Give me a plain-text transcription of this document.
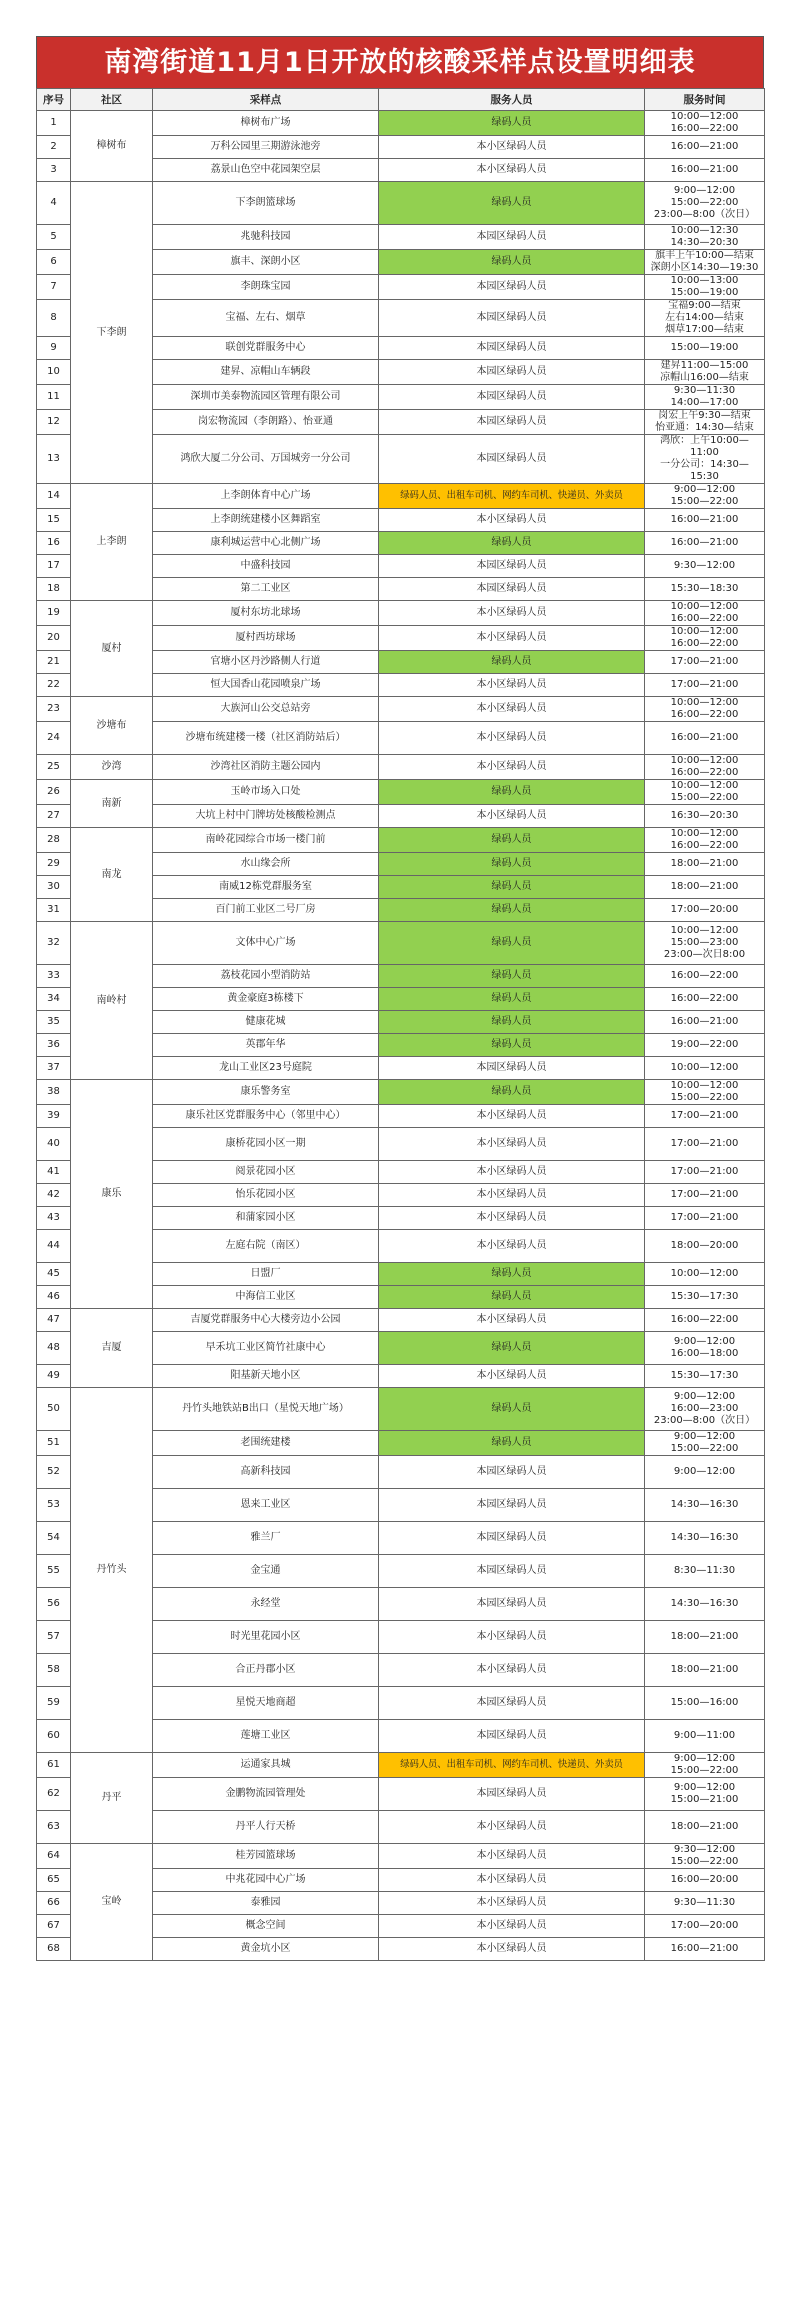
南湾街道11月1日开放的核酸采样点设置明细表
序号	社区	采样点	服务人员	服务时间
1	樟树布	樟树布广场	绿码人员	10:00—12:00
16:00—22:00
2		万科公园里三期游泳池旁	本小区绿码人员	16:00—21:00
3		荔景山色空中花园架空层	本小区绿码人员	16:00—21:00
4	下李朗	下李朗篮球场	绿码人员	9:00—12:00
15:00—22:00
23:00—8:00（次日）
5		兆驰科技园	本园区绿码人员	10:00—12:30
14:30—20:30
6		旗丰、深朗小区	绿码人员	旗丰上午10:00—结束
深朗小区14:30—19:30
7		李朗珠宝园	本园区绿码人员	10:00—13:00
15:00—19:00
8		宝福、左右、烟草	本园区绿码人员	宝福9:00—结束
左右14:00—结束
烟草17:00—结束
9		联创党群服务中心	本园区绿码人员	15:00—19:00
10		建昇、凉帽山车辆段	本园区绿码人员	建昇11:00—15:00
凉帽山16:00—结束
11		深圳市美泰物流园区管理有限公司	本园区绿码人员	9:30—11:30
14:00—17:00
12		岗宏物流园（李朗路）、怡亚通	本园区绿码人员	岗宏上午9:30—结束
怡亚通：14:30—结束
13		鸿欣大厦二分公司、万国城旁一分公司	本园区绿码人员	鸿欣：上午10:00—11:00
一分公司：14:30—15:30
14	上李朗	上李朗体育中心广场	绿码人员、出租车司机、网约车司机、快递员、外卖员	9:00—12:00
15:00—22:00
15		上李朗统建楼小区舞蹈室	本小区绿码人员	16:00—21:00
16		康利城运营中心北侧广场	绿码人员	16:00—21:00
17		中盛科技园	本园区绿码人员	9:30—12:00
18		第二工业区	本园区绿码人员	15:30—18:30
19	厦村	厦村东坊北球场	本小区绿码人员	10:00—12:00
16:00—22:00
20		厦村西坊球场	本小区绿码人员	10:00—12:00
16:00—22:00
21		官塘小区丹沙路侧人行道	绿码人员	17:00—21:00
22		恒大国香山花园喷泉广场	本小区绿码人员	17:00—21:00
23	沙塘布	大族河山公交总站旁	本小区绿码人员	10:00—12:00
16:00—22:00
24		沙塘布统建楼一楼（社区消防站后）	本小区绿码人员	16:00—21:00
25	沙湾	沙湾社区消防主题公园内	本小区绿码人员	10:00—12:00
16:00—22:00
26	南新	玉岭市场入口处	绿码人员	10:00—12:00
15:00—22:00
27		大坑上村中门牌坊处核酸检测点	本小区绿码人员	16:30—20:30
28	南龙	南岭花园综合市场一楼门前	绿码人员	10:00—12:00
16:00—22:00
29		水山缘会所	绿码人员	18:00—21:00
30		南威12栋党群服务室	绿码人员	18:00—21:00
31		百门前工业区二号厂房	绿码人员	17:00—20:00
32	南岭村	文体中心广场	绿码人员	10:00—12:00
15:00—23:00
23:00—次日8:00
33		荔枝花园小型消防站	绿码人员	16:00—22:00
34		黄金豪庭3栋楼下	绿码人员	16:00—22:00
35		健康花城	绿码人员	16:00—21:00
36		英郡年华	绿码人员	19:00—22:00
37		龙山工业区23号庭院	本园区绿码人员	10:00—12:00
38	康乐	康乐警务室	绿码人员	10:00—12:00
15:00—22:00
39		康乐社区党群服务中心（邻里中心）	本小区绿码人员	17:00—21:00
40		康桥花园小区一期	本小区绿码人员	17:00—21:00
41		阅景花园小区	本小区绿码人员	17:00—21:00
42		怡乐花园小区	本小区绿码人员	17:00—21:00
43		和蒲家园小区	本小区绿码人员	17:00—21:00
44		左庭右院（南区）	本小区绿码人员	18:00—20:00
45		日盟厂	绿码人员	10:00—12:00
46		中海信工业区	绿码人员	15:30—17:30
47	吉厦	吉厦党群服务中心大楼旁边小公园	本小区绿码人员	16:00—22:00
48		早禾坑工业区简竹社康中心	绿码人员	9:00—12:00
16:00—18:00
49		阳基新天地小区	本小区绿码人员	15:30—17:30
50	丹竹头	丹竹头地铁站B出口（星悦天地广场）	绿码人员	9:00—12:00
16:00—23:00
23:00—8:00（次日）
51		老围统建楼	绿码人员	9:00—12:00
15:00—22:00
52		高新科技园	本园区绿码人员	9:00—12:00
53		恩来工业区	本园区绿码人员	14:30—16:30
54		雅兰厂	本园区绿码人员	14:30—16:30
55		金宝通	本园区绿码人员	8:30—11:30
56		永经堂	本园区绿码人员	14:30—16:30
57		时光里花园小区	本小区绿码人员	18:00—21:00
58		合正丹郡小区	本小区绿码人员	18:00—21:00
59		星悦天地商超	本园区绿码人员	15:00—16:00
60		莲塘工业区	本园区绿码人员	9:00—11:00
61	丹平	运通家具城	绿码人员、出租车司机、网约车司机、快递员、外卖员	9:00—12:00
15:00—22:00
62		金鹏物流园管理处	本园区绿码人员	9:00—12:00
15:00—21:00
63		丹平人行天桥	本小区绿码人员	18:00—21:00
64	宝岭	桂芳园篮球场	本小区绿码人员	9:30—12:00
15:00—22:00
65		中兆花园中心广场	本小区绿码人员	16:00—20:00
66		泰雅园	本小区绿码人员	9:30—11:30
67		概念空间	本小区绿码人员	17:00—20:00
68		黄金坑小区	本小区绿码人员	16:00—21:00
